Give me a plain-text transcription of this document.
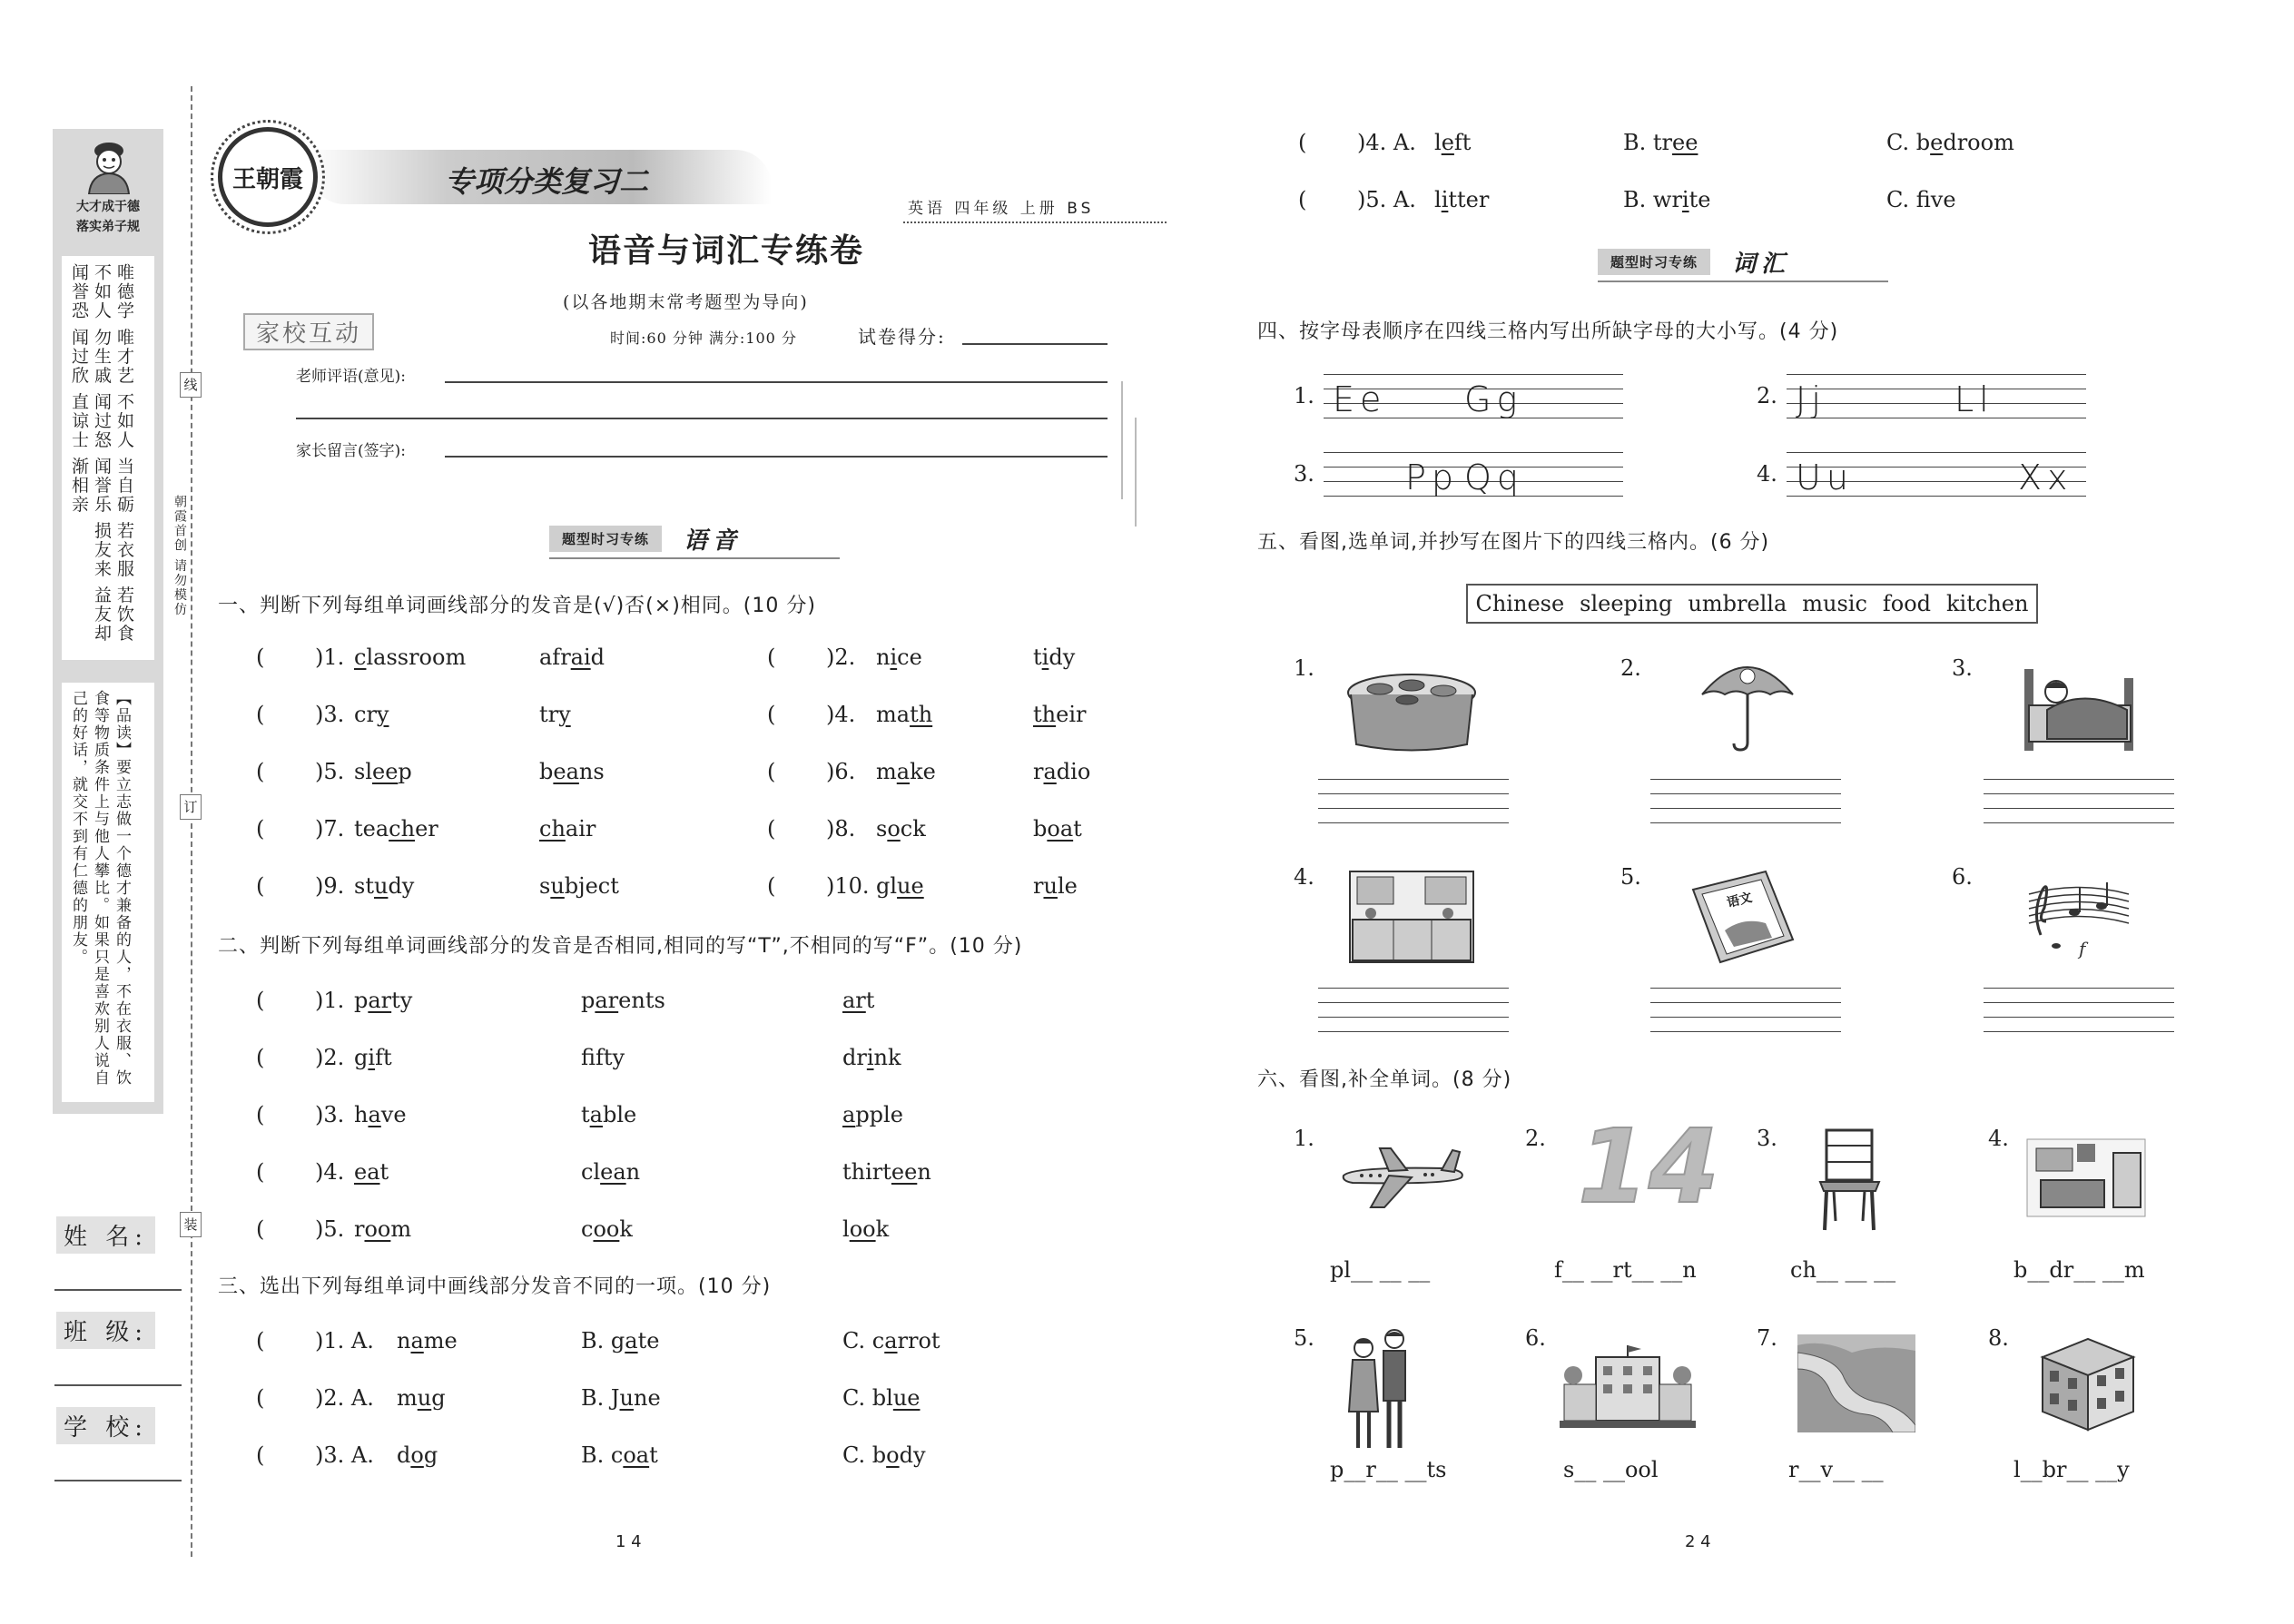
大才成于德
落实弟子规
唯德学 唯才艺 不如人 当自砺 若衣服 若饮食 不如人 勿生戚 闻过怒 闻誉乐 损友来 益友却 闻誉恐 闻过欣 直谅士 渐相亲
【品读】要立志做一个德才兼备的人，不在衣服、饮食等物质条件上与他人攀比。如果只是喜欢别人说自己的好话，就交不到有仁德的朋友。
线
订
装
朝霞首创 请勿模仿
姓 名:
班 级:
学 校:
王朝霞	专项分类复习二
英语 四年级 上册 BS
语音与词汇专练卷
(以各地期末常考题型为导向)
家校互动	时间:60 分钟 满分:100 分	试卷得分:
老师评语(意见):
家长留言(签字):
题型时习专练	语音
一、判断下列每组单词画线部分的发音是(√)否(×)相同。(10 分)
二、判断下列每组单词画线部分的发音是否相同,相同的写“T”,不相同的写“F”。(10 分)
三、选出下列每组单词中画线部分发音不同的一项。(10 分)
题型时习专练	词汇
四、按字母表顺序在四线三格内写出所缺字母的大小写。(4 分)
五、看图,选单词,并抄写在图片下的四线三格内。(6 分)
Chinese sleeping umbrella music food kitchen
1.	2.	3.
4.	5.
语文
6.
f
六、看图,补全单词。(8 分)
1.
pl__ __ __
2. 14
f__ __rt__ __n
3.
ch__ __ __
4.
b__dr__ __m
5.
p__r__ __ts
6.
s__ __ool
7.
r__v__ __
8.
l__br__ __y
1 4	2 4
( )1. classroom	afraid	( )2. nice	tidy
( )3. cry	try	( )4. math	their
( )5. sleep	beans	( )6. make	radio
( )7. teacher	chair	( )8. sock	boat
( )9. study	subject	( )10. glue	rule
( )1. party	parents	art
( )2. gift	ffty	drink
( )3. have	table	apple
( )4. eat	clean	thirteen
( )5. room	cook	look
( )1. A. name	B. gate	C. carrot
( )2. A. mug	B. June	C. blue
( )3. A. dog	B. coat	C. body
( )4. A. left	B. tree	C. bedroom
( )5. A. litter	B. write	C. fve
1. Ee Gg	2. Jj	Ll
3.	Pp Qq	4. Uu	Xx
